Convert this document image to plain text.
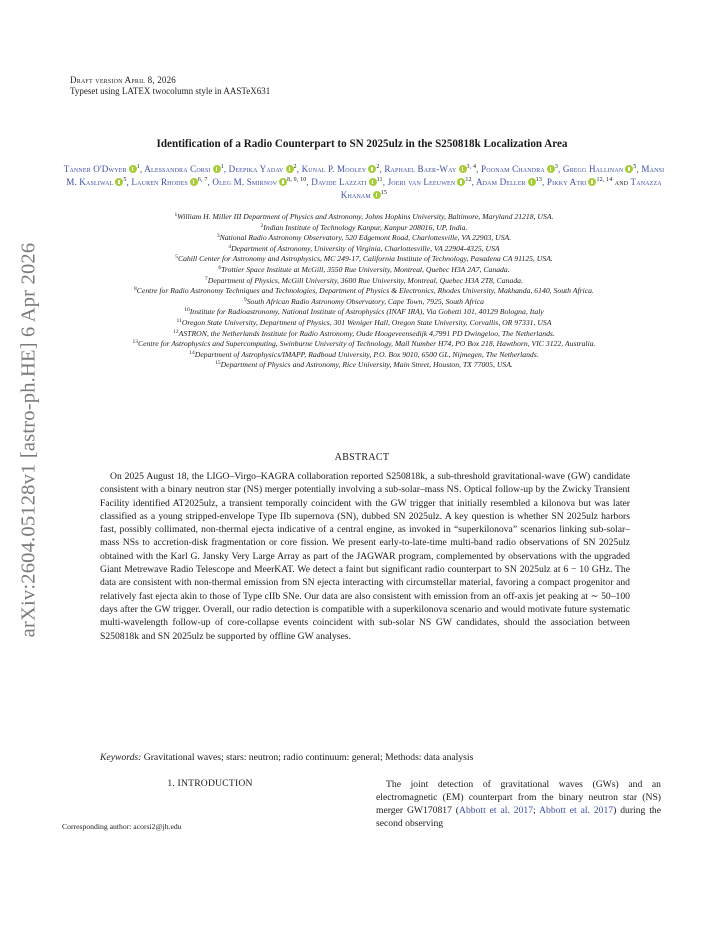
arXiv:2604.05128v1 [astro-ph.HE] 6 Apr 2026
Draft version April 8, 2026
Typeset using LATEX twocolumn style in AASTeX631
Identification of a Radio Counterpart to SN 2025ulz in the S250818k Localization Area
Tanner O'Dwyer $^1$, Alessandra Corsi $^1$, Deepika Yadav $^2$, Kunal P. Mooley $^2$, Raphael Baer-Way $^{3, 4}$, Poonam Chandra $^3$, Gregg Hallinan $^5$, Mansi M. Kasliwal $^5$, Lauren Rhodes $^{6, 7}$, Oleg M. Smirnov $^{8, 9, 10}$, Davide Lazzati $^{11}$, Joeri van Leeuwen $^{12}$, Adam Deller $^{13}$, Pikky Atri $^{12, 14}$ and Tanazza Khanam $^{15}$
$^1$William H. Miller III Department of Physics and Astronomy, Johns Hopkins University, Baltimore, Maryland 21218, USA.
$^2$Indian Institute of Technology Kanpur, Kanpur 208016, UP, India.
$^3$National Radio Astronomy Observatory, 520 Edgemont Road, Charlottesville, VA 22903, USA.
$^4$Department of Astronomy, University of Virginia, Charlottesville, VA 22904-4325, USA
$^5$Cahill Center for Astronomy and Astrophysics, MC 249-17, California Institute of Technology, Pasadena CA 91125, USA.
$^6$Trottier Space Institute at McGill, 3550 Rue University, Montreal, Quebec H3A 2A7, Canada.
$^7$Department of Physics, McGill University, 3600 Rue University, Montreal, Quebec H3A 2T8, Canada.
$^8$Centre for Radio Astronomy Techniques and Technologies, Department of Physics & Electronics, Rhodes University, Makhanda, 6140, South Africa.
$^9$South African Radio Astronomy Observatory, Cape Town, 7925, South Africa
$^{10}$Institute for Radioastronomy, National Institute of Astrophysics (INAF IRA), Via Gobetti 101, 40129 Bologna, Italy
$^{11}$Oregon State University, Department of Physics, 301 Weniger Hall, Oregon State University, Corvallis, OR 97331, USA
$^{12}$ASTRON, the Netherlands Institute for Radio Astronomy, Oude Hoogeveensedijk 4,7991 PD Dwingeloo, The Netherlands.
$^{13}$Centre for Astrophysics and Supercomputing, Swinburne University of Technology, Mail Number H74, PO Box 218, Hawthorn, VIC 3122, Australia.
$^{14}$Department of Astrophysics/IMAPP, Radboud University, P.O. Box 9010, 6500 GL, Nijmegen, The Netherlands.
$^{15}$Department of Physics and Astronomy, Rice University, Main Street, Houston, TX 77005, USA.
ABSTRACT
On 2025 August 18, the LIGO–Virgo–KAGRA collaboration reported S250818k, a sub-threshold gravitational-wave (GW) candidate consistent with a binary neutron star (NS) merger potentially involving a sub-solar–mass NS. Optical follow-up by the Zwicky Transient Facility identified AT2025ulz, a transient temporally coincident with the GW trigger that initially resembled a kilonova but was later classified as a young stripped-envelope Type IIb supernova (SN), dubbed SN 2025ulz. A key question is whether SN 2025ulz harbors fast, possibly collimated, non-thermal ejecta indicative of a central engine, as invoked in “superkilonova” scenarios linking sub-solar–mass NSs to accretion-disk fragmentation or core fission. We present early-to-late-time multi-band radio observations of SN 2025ulz obtained with the Karl G. Jansky Very Large Array as part of the JAGWAR program, complemented by observations with the upgraded Giant Metrewave Radio Telescope and MeerKAT. We detect a faint but significant radio counterpart to SN 2025ulz at 6 − 10 GHz. The data are consistent with non-thermal emission from SN ejecta interacting with circumstellar material, favoring a compact progenitor and relatively fast ejecta akin to those of Type cIIb SNe. Our data are also consistent with emission from an off-axis jet peaking at ∼ 50–100 days after the GW trigger. Overall, our radio detection is compatible with a superkilonova scenario and would motivate future systematic multi-wavelength follow-up of core-collapse events coincident with sub-solar NS GW candidates, should the association between S250818k and SN 2025ulz be supported by offline GW analyses.
Keywords: Gravitational waves; stars: neutron; radio continuum: general; Methods: data analysis
1. INTRODUCTION	The joint detection of gravitational waves (GWs) and an electromagnetic (EM) counterpart from the binary neutron star (NS) merger GW170817 (Abbott et al. 2017; Abbott et al. 2017) during the second observing
Corresponding author: acorsi2@jh.edu
